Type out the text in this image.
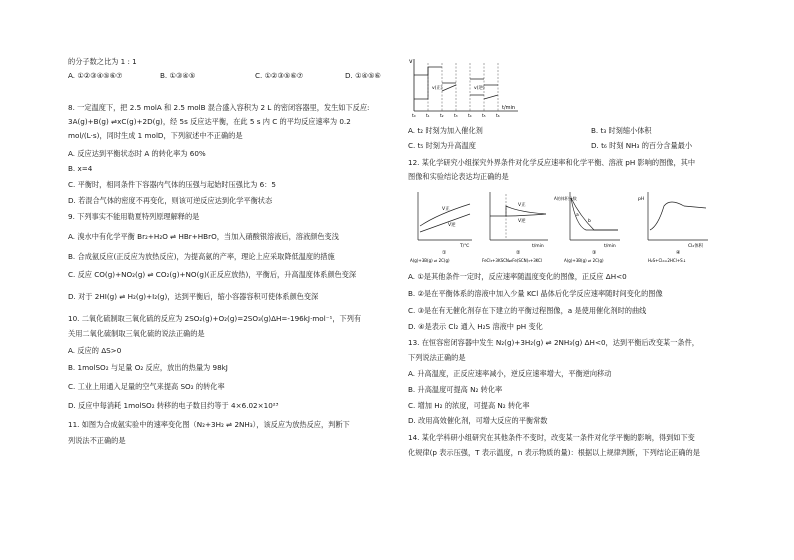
的分子数之比为 1 : 1
A. ①②③④⑤⑥⑦	B. ①③④⑤	C. ①②③⑤⑥⑦	D. ①④⑤⑥
8. 一定温度下，把 2.5 molA 和 2.5 molB 混合盛入容积为 2 L 的密闭容器里，发生如下反应:
3A(g)+B(g) ⇌xC(g)+2D(g)，经 5s 反应达平衡，在此 5 s 内 C 的平均反应速率为 0.2
mol/(L·s)，同时生成 1 molD，下列叙述中不正确的是
A. 反应达到平衡状态时 A 的转化率为 60%
B. x=4
C. 平衡时，相同条件下容器内气体的压强与起始时压强比为 6：5
D. 若混合气体的密度不再变化，则该可逆反应达到化学平衡状态
9. 下列事实不能用勒夏特列原理解释的是
A. 溴水中有化学平衡 Br₂+H₂O ⇌ HBr+HBrO，当加入硝酸银溶液后，溶液颜色变浅
B. 合成氨反应(正反应为放热反应)，为提高氨的产率，理论上应采取降低温度的措施
C. 反应 CO(g)+NO₂(g) ⇌ CO₂(g)+NO(g)(正反应放热)，平衡后，升高温度体系颜色变深
D. 对于 2HI(g) ⇌ H₂(g)+I₂(g)，达到平衡后，缩小容器容积可使体系颜色变深
10. 二氧化硫制取三氧化硫的反应为 2SO₂(g)+O₂(g)=2SO₃(g)ΔH=-196kJ·mol⁻¹，下列有
关用二氧化硫制取三氧化硫的说法正确的是
A. 反应的 ΔS>0
B. 1molSO₂ 与足量 O₂ 反应，放出的热量为 98kJ
C. 工业上用通入足量的空气来提高 SO₂ 的转化率
D. 反应中每消耗 1molSO₂ 转移的电子数目约等于 4×6.02×10²³
11. 如图为合成氨实验中的速率变化图（N₂+3H₂ ⇌ 2NH₃），该反应为放热反应，判断下
列说法不正确的是
v
t/min
v(正)	v(逆)
t₀ t₁ t₂ t₃ t₄ t₅ t₆
A. t₂ 时刻为加入催化剂	B. t₃ 时刻缩小体积
C. t₅ 时刻为升高温度	D. t₆ 时刻 NH₃ 的百分含量最小
12. 某化学研究小组探究外界条件对化学反应速率和化学平衡、溶液 pH 影响的图像，其中
图像和实验结论表达均正确的是
V正
V逆
T/℃
①
A(g)+3B(g) ⇌ 2C(g)
V正
V逆
t/min
②
FeCl₃+3KSCN⇌Fe(SCN)₃+3KCl
a
b
A的体积分数
t/min
③
A(g)+3B(g) ⇌ 2C(g)
pH
Cl₂体积
④
H₂S+Cl₂=2HCl+S↓
A. ①是其他条件一定时，反应速率随温度变化的图像，正反应 ΔH<0
B. ②是在平衡体系的溶液中加入少量 KCl 晶体后化学反应速率随时间变化的图像
C. ③是在有无催化剂存在下建立的平衡过程图像，a 是使用催化剂时的曲线
D. ④是表示 Cl₂ 通入 H₂S 溶液中 pH 变化
13. 在恒容密闭容器中发生 N₂(g)+3H₂(g) ⇌ 2NH₃(g) ΔH<0，达到平衡后改变某一条件，
下列说法正确的是
A. 升高温度，正反应速率减小，逆反应速率增大，平衡逆向移动
B. 升高温度可提高 N₂ 转化率
C. 增加 H₂ 的浓度，可提高 N₂ 转化率
D. 改用高效催化剂，可增大反应的平衡常数
14. 某化学科研小组研究在其他条件不变时，改变某一条件对化学平衡的影响，得到如下变
化规律(p 表示压强，T 表示温度，n 表示物质的量)：根据以上规律判断，下列结论正确的是
